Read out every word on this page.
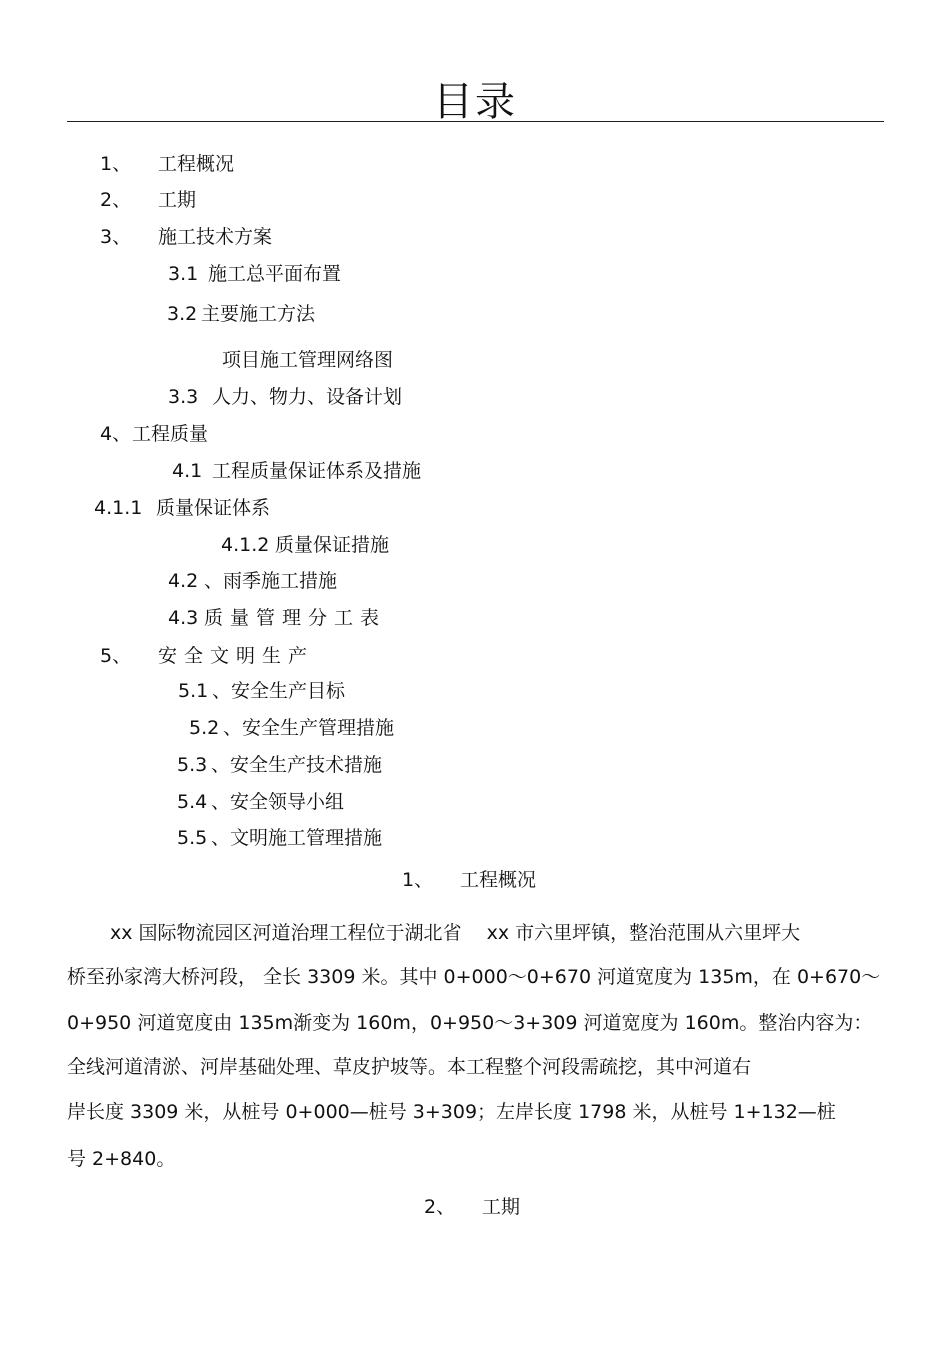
目录
1、 工程概况
2、 工期
3、 施工技术方案
3.1 施工总平面布置
3.2 主要施工方法
项目施工管理网络图
3.3 人力、物力、设备计划
4、工程质量
4.1 工程质量保证体系及措施
4.1.1 质量保证体系
4.1.2 质量保证措施
4.2 、雨季施工措施
4.3 质量管理分工表
5、 安全文明生产
5.1 、安全生产目标
5.2 、安全生产管理措施
5.3 、安全生产技术措施
5.4 、安全领导小组
5.5 、文明施工管理措施
1、 工程概况
xx 国际物流园区河道治理工程位于湖北省　 xx 市六里坪镇，整治范围从六里坪大
桥至孙家湾大桥河段， 全长 3309 米。其中 0+000～0+670 河道宽度为 135m，在 0+670～
0+950 河道宽度由 135m渐变为 160m，0+950～3+309 河道宽度为 160m。整治内容为：
全线河道清淤、河岸基础处理、草皮护坡等。本工程整个河段需疏挖，其中河道右
岸长度 3309 米，从桩号 0+000—桩号 3+309；左岸长度 1798 米，从桩号 1+132—桩
号 2+840。
2、 工期
